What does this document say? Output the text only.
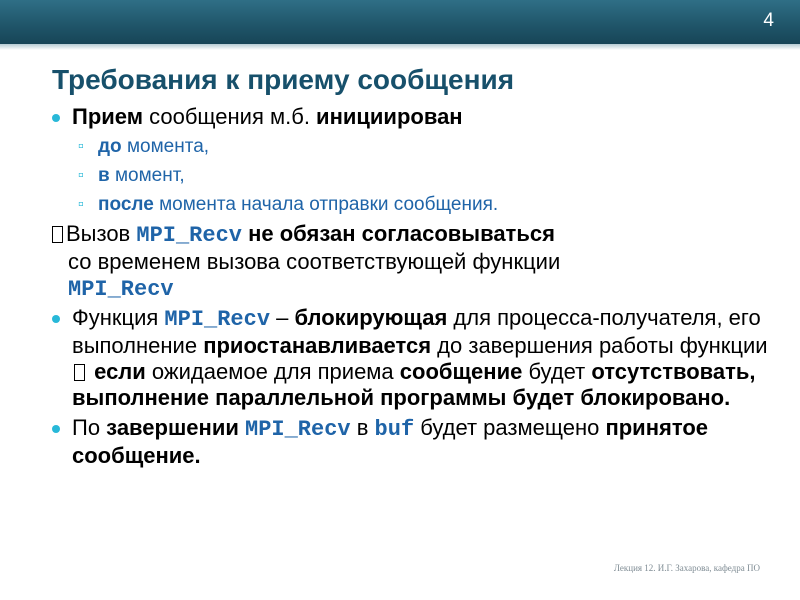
4
Требования к приему сообщения

Прием сообщения м.б. инициирован

▫ до момента,

▫ в момент,

▫ после момента начала отправки сообщения.

Вызов MPI_Recv не обязан согласовываться
со временем вызова соответствующей функции
MPI_Recv

Функция MPI_Recv – блокирующая для процесса-получателя, его выполнение приостанавливается до завершения работы функции  если ожидаемое для приема сообщение будет отсутствовать, выполнение параллельной программы будет блокировано.

По завершении MPI_Recv в buf будет размещено принятое сообщение.

Лекция 12. И.Г. Захарова, кафедра ПО
